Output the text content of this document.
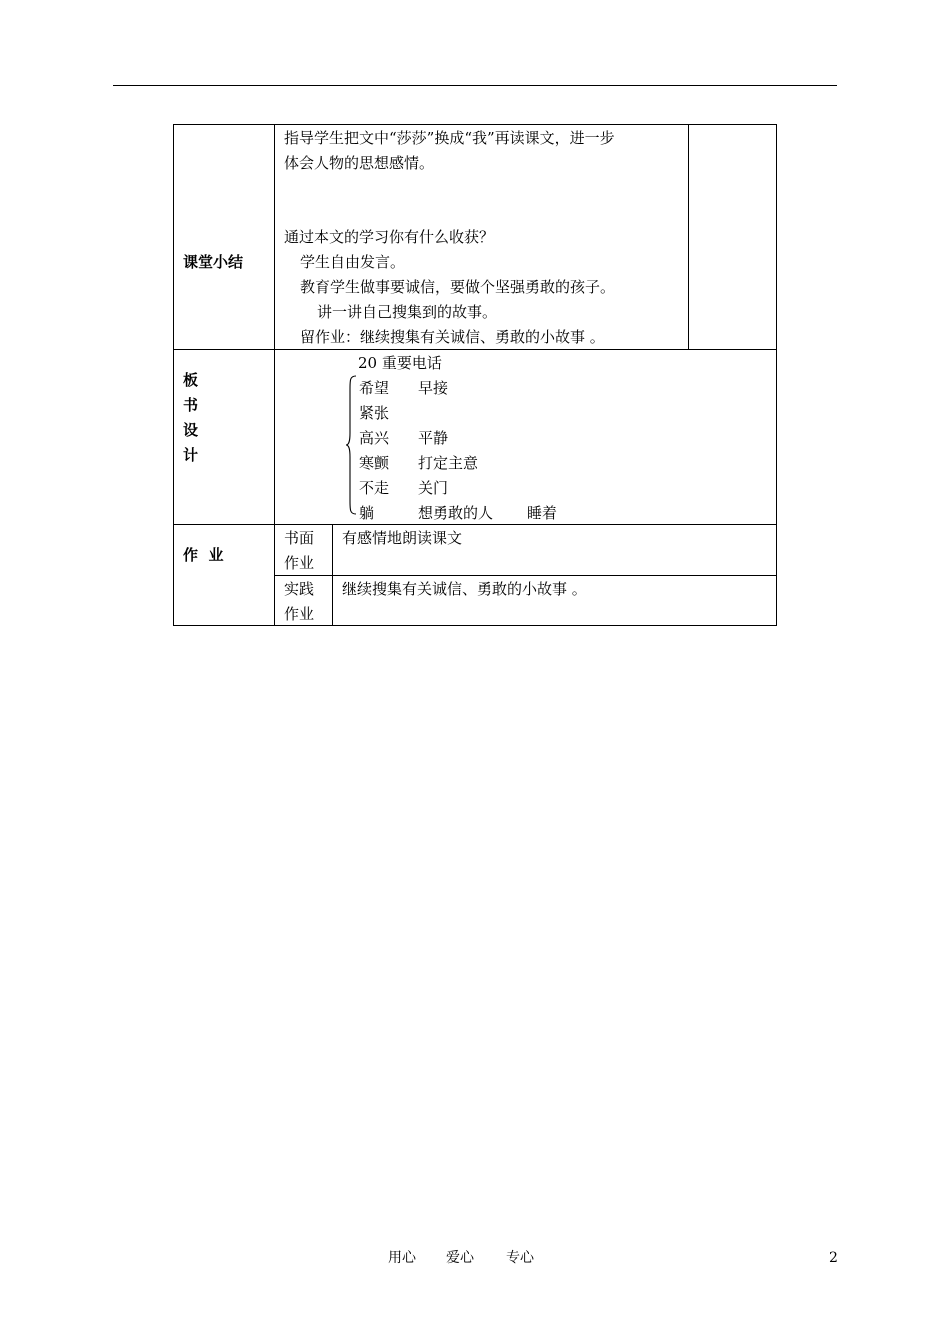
课堂小结
指导学生把文中“莎莎”换成“我”再读课文，进一步
体会人物的思想感情。
通过本文的学习你有什么收获？
学生自由发言。
教育学生做事要诚信，要做个坚强勇敢的孩子。
讲一讲自己搜集到的故事。
留作业：继续搜集有关诚信、勇敢的小故事 。
板
书
设
计
20 重要电话
希望 早接
紧张
高兴 平静
寒颤 打定主意
不走 关门
躺	想勇敢的人 睡着
作  业
书面
作业
有感情地朗读课文
实践
作业
继续搜集有关诚信、勇敢的小故事 。
用心 爱心 专心	2
